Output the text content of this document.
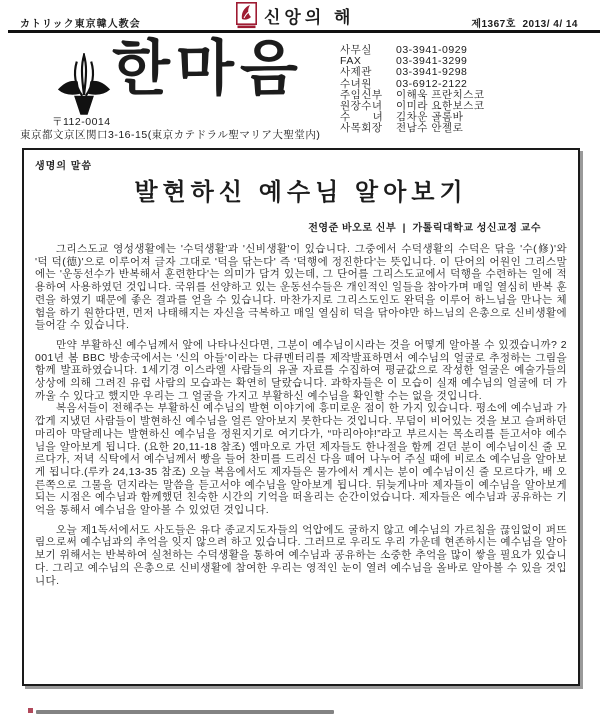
カトリック東京韓人教会	신앙의 해	제1367호  2013/ 4/ 14
한마음
〒112-0014
東京都文京区関口3-16-15(東京カテドラル聖マリア大聖堂内)
사무실	03-3941-0929
FAX	03-3941-3299
사제관	03-3941-9298
수녀원	03-6912-2122
주임신부	이해욱 프란치스코
원장수녀	이미라 요한보스코
수　　녀	김차운 골롬바
사목회장	전남수 안젤로
생명의 말씀
발현하신 예수님 알아보기
전영준 바오로 신부  |  가톨릭대학교 성신교정 교수

그리스도교 영성생활에는 '수덕생활'과 '신비생활'이 있습니다. 그중에서 수덕생활의 수덕은 닦을 '수(修)'와 '덕 덕(德)'으로 이루어져 글자 그대로 '덕을 닦는다' 즉 '덕행에 정진한다'는 뜻입니다. 이 단어의 어원인 그리스말에는 '운동선수가 반복해서 훈련한다'는 의미가 담겨 있는데, 그 단어를 그리스도교에서 덕행을 수련하는 일에 적용하여 사용하였던 것입니다. 국위를 선양하고 있는 운동선수들은 개인적인 일들을 참아가며 매일 열심히 반복 훈련을 하였기 때문에 좋은 결과를 얻을 수 있습니다. 마찬가지로 그리스도인도 완덕을 이루어 하느님을 만나는 체험을 하기 원한다면, 먼저 나태해지는 자신을 극복하고 매일 열심히 덕을 닦아야만 하느님의 은총으로 신비생활에 들어갈 수 있습니다.

만약 부활하신 예수님께서 앞에 나타나신다면, 그분이 예수님이시라는 것을 어떻게 알아볼 수 있겠습니까? 2001년 봄 BBC 방송국에서는 '신의 아들'이라는 다큐멘터리를 제작발표하면서 예수님의 얼굴로 추정하는 그림을 함께 발표하였습니다. 1세기경 이스라엘 사람들의 유골 자료를 수집하여 평균값으로 작성한 얼굴은 예술가들의 상상에 의해 그려진 유럽 사람의 모습과는 확연히 달랐습니다. 과학자들은 이 모습이 실재 예수님의 얼굴에 더 가까울 수 있다고 했지만 우리는 그 얼굴을 가지고 부활하신 예수님을 확인할 수는 없을 것입니다.

복음서들이 전해주는 부활하신 예수님의 발현 이야기에 흥미로운 점이 한 가지 있습니다. 평소에 예수님과 가깝게 지냈던 사람들이 발현하신 예수님을 얼른 알아보지 못한다는 것입니다. 무덤이 비어있는 것을 보고 슬퍼하던 마리아 막달레나는 발현하신 예수님을 정원지기로 여기다가, “마리아야!”라고 부르시는 목소리를 듣고서야 예수님을 알아보게 됩니다. (요한 20,11-18 참조) 엠마오로 가던 제자들도 한나절을 함께 걷던 분이 예수님이신 줄 모르다가, 저녁 식탁에서 예수님께서 빵을 들어 찬미를 드리신 다음 떼어 나누어 주실 때에 비로소 예수님을 알아보게 됩니다.(루카 24,13-35 참조) 오늘 복음에서도 제자들은 물가에서 계시는 분이 예수님이신 줄 모르다가, 배 오른쪽으로 그물을 던지라는 말씀을 듣고서야 예수님을 알아보게 됩니다. 뒤늦게나마 제자들이 예수님을 알아보게 되는 시점은 예수님과 함께했던 친숙한 시간의 기억을 떠올리는 순간이었습니다. 제자들은 예수님과 공유하는 기억을 통해서 예수님을 알아볼 수 있었던 것입니다.

오늘 제1독서에서도 사도들은 유다 종교지도자들의 억압에도 굴하지 않고 예수님의 가르침을 끊임없이 퍼뜨림으로써 예수님과의 추억을 잊지 않으려 하고 있습니다. 그러므로 우리도 우리 가운데 현존하시는 예수님을 알아보기 위해서는 반복하여 실천하는 수덕생활을 통하여 예수님과 공유하는 소중한 추억을 많이 쌓을 필요가 있습니다. 그리고 예수님의 은총으로 신비생활에 참여한 우리는 영적인 눈이 열려 예수님을 올바로 알아볼 수 있을 것입니다.
